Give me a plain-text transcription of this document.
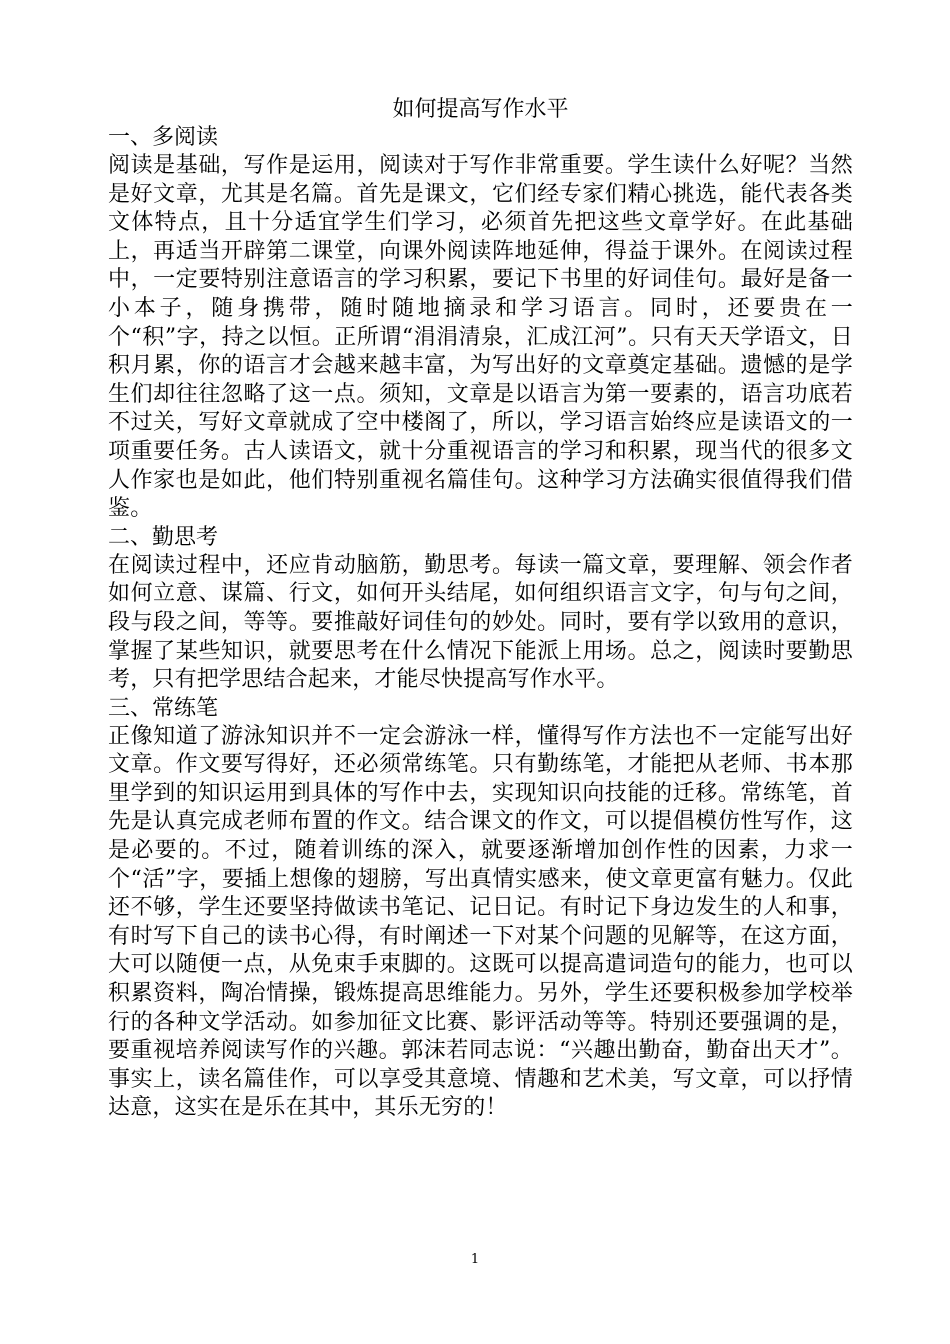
如何提高写作水平

一、多阅读

阅读是基础，写作是运用，阅读对于写作非常重要。学生读什么好呢？当然是好文章，尤其是名篇。首先是课文，它们经专家们精心挑选，能代表各类文体特点，且十分适宜学生们学习，必须首先把这些文章学好。在此基础上，再适当开辟第二课堂，向课外阅读阵地延伸，得益于课外。在阅读过程中，一定要特别注意语言的学习积累，要记下书里的好词佳句。最好是备一小本子，随身携带，随时随地摘录和学习语言。同时，还要贵在一个“积”字，持之以恒。正所谓“涓涓清泉，汇成江河”。只有天天学语文，日积月累，你的语言才会越来越丰富，为写出好的文章奠定基础。遗憾的是学生们却往往忽略了这一点。须知，文章是以语言为第一要素的，语言功底若不过关，写好文章就成了空中楼阁了，所以，学习语言始终应是读语文的一项重要任务。古人读语文，就十分重视语言的学习和积累，现当代的很多文人作家也是如此，他们特别重视名篇佳句。这种学习方法确实很值得我们借鉴。

二、勤思考

在阅读过程中，还应肯动脑筋，勤思考。每读一篇文章，要理解、领会作者如何立意、谋篇、行文，如何开头结尾，如何组织语言文字，句与句之间，段与段之间，等等。要推敲好词佳句的妙处。同时，要有学以致用的意识，掌握了某些知识，就要思考在什么情况下能派上用场。总之，阅读时要勤思考，只有把学思结合起来，才能尽快提高写作水平。

三、常练笔

正像知道了游泳知识并不一定会游泳一样，懂得写作方法也不一定能写出好文章。作文要写得好，还必须常练笔。只有勤练笔，才能把从老师、书本那里学到的知识运用到具体的写作中去，实现知识向技能的迁移。常练笔，首先是认真完成老师布置的作文。结合课文的作文，可以提倡模仿性写作，这是必要的。不过，随着训练的深入，就要逐渐增加创作性的因素，力求一个“活”字，要插上想像的翅膀，写出真情实感来，使文章更富有魅力。仅此还不够，学生还要坚持做读书笔记、记日记。有时记下身边发生的人和事，有时写下自己的读书心得，有时阐述一下对某个问题的见解等，在这方面，大可以随便一点，从免束手束脚的。这既可以提高遣词造句的能力，也可以积累资料，陶冶情操，锻炼提高思维能力。另外，学生还要积极参加学校举行的各种文学活动。如参加征文比赛、影评活动等等。特别还要强调的是，要重视培养阅读写作的兴趣。郭沫若同志说：“兴趣出勤奋，勤奋出天才”。事实上，读名篇佳作，可以享受其意境、情趣和艺术美，写文章，可以抒情达意，这实在是乐在其中，其乐无穷的！

1
